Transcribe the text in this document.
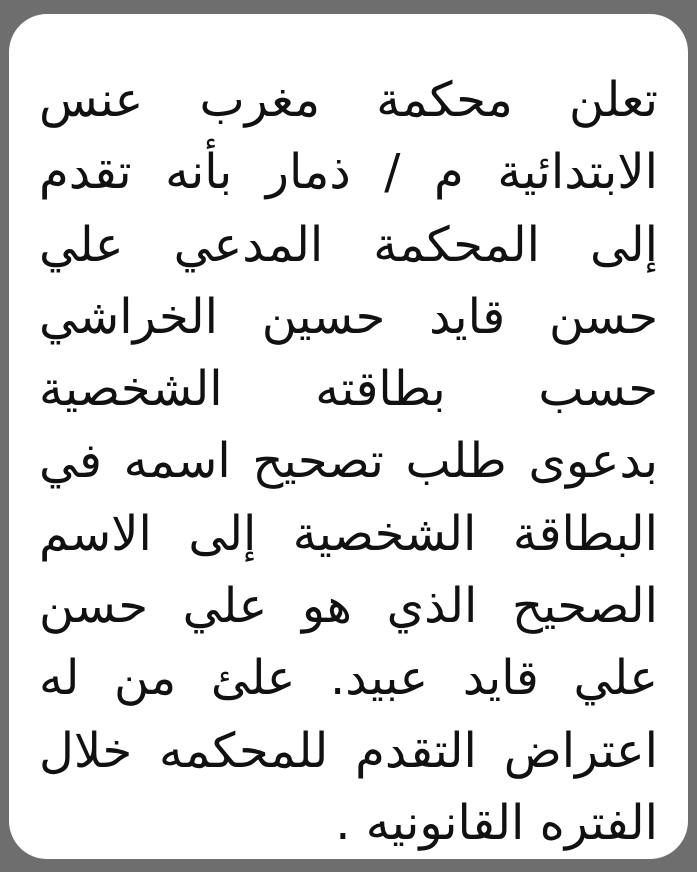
تعلن محكمة مغرب عنس
الابتدائية م / ذمار بأنه تقدم
إلى المحكمة المدعي علي
حسن قايد حسين الخراشي
حسب بطاقته الشخصية
بدعوى طلب تصحيح اسمه في
البطاقة الشخصية إلى الاسم
الصحيح الذي هو علي حسن
علي قايد عبيد. علئ من له
اعتراض التقدم للمحكمه خلال
الفتره القانونيه .
